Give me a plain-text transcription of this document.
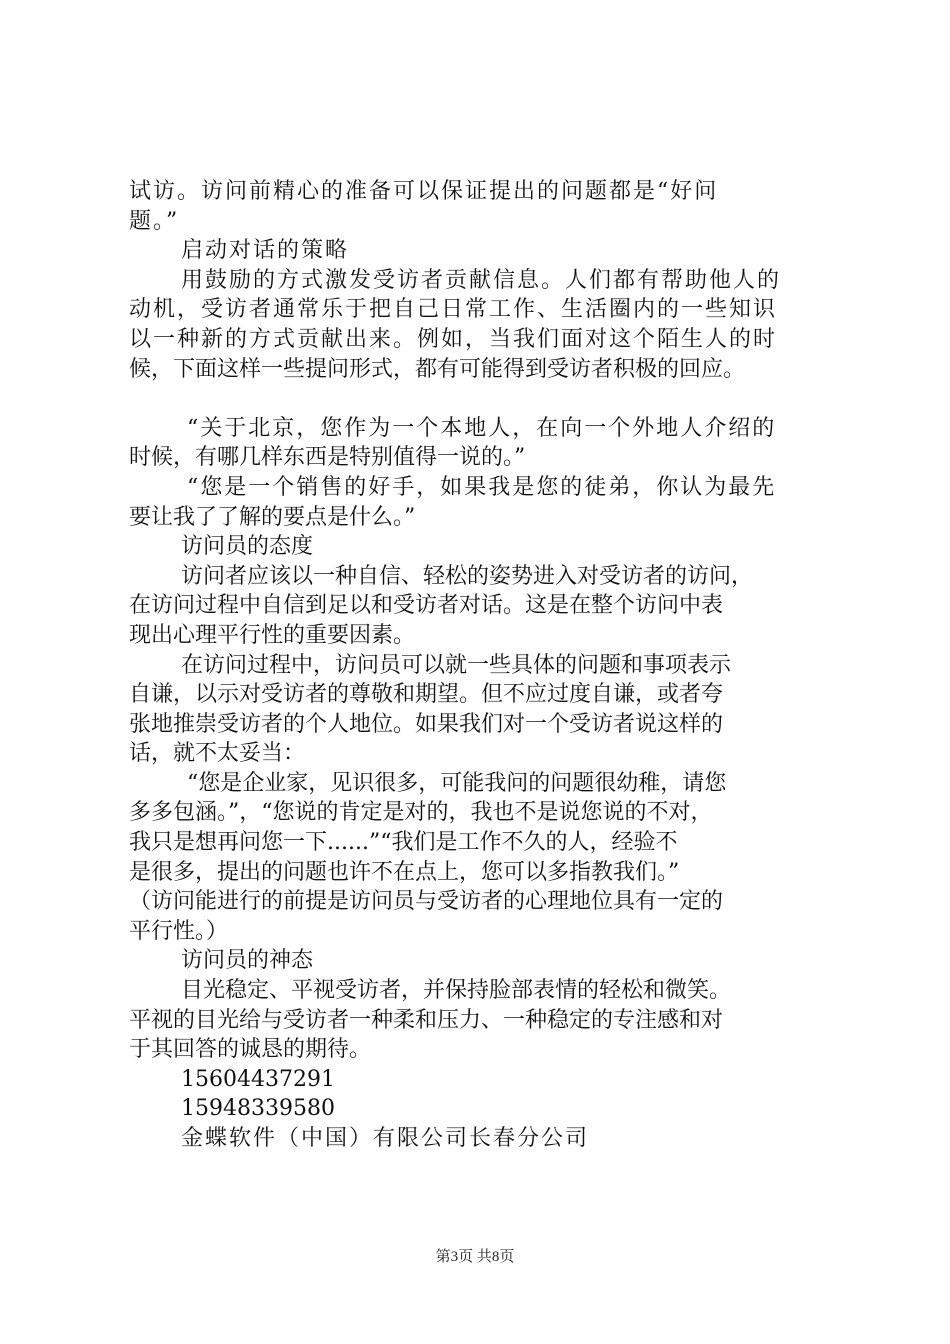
试访。访问前精心的准备可以保证提出的问题都是“好问
题。”
启动对话的策略
用鼓励的方式激发受访者贡献信息。人们都有帮助他人的
动机，受访者通常乐于把自己日常工作、生活圈内的一些知识
以一种新的方式贡献出来。例如，当我们面对这个陌生人的时
候，下面这样一些提问形式，都有可能得到受访者积极的回应。
“关于北京，您作为一个本地人，在向一个外地人介绍的
时候，有哪几样东西是特别值得一说的。”
“您是一个销售的好手，如果我是您的徒弟，你认为最先
要让我了了解的要点是什么。”
访问员的态度
访问者应该以一种自信、轻松的姿势进入对受访者的访问，
在访问过程中自信到足以和受访者对话。这是在整个访问中表
现出心理平行性的重要因素。
在访问过程中，访问员可以就一些具体的问题和事项表示
自谦，以示对受访者的尊敬和期望。但不应过度自谦，或者夸
张地推崇受访者的个人地位。如果我们对一个受访者说这样的
话，就不太妥当：
“您是企业家，见识很多，可能我问的问题很幼稚，请您
多多包涵。”，“您说的肯定是对的，我也不是说您说的不对，
我只是想再问您一下......”“我们是工作不久的人，经验不
是很多，提出的问题也许不在点上，您可以多指教我们。”
（访问能进行的前提是访问员与受访者的心理地位具有一定的
平行性。）
访问员的神态
目光稳定、平视受访者，并保持脸部表情的轻松和微笑。
平视的目光给与受访者一种柔和压力、一种稳定的专注感和对
于其回答的诚恳的期待。
15604437291
15948339580
金蝶软件（中国）有限公司长春分公司
第3页 共8页
